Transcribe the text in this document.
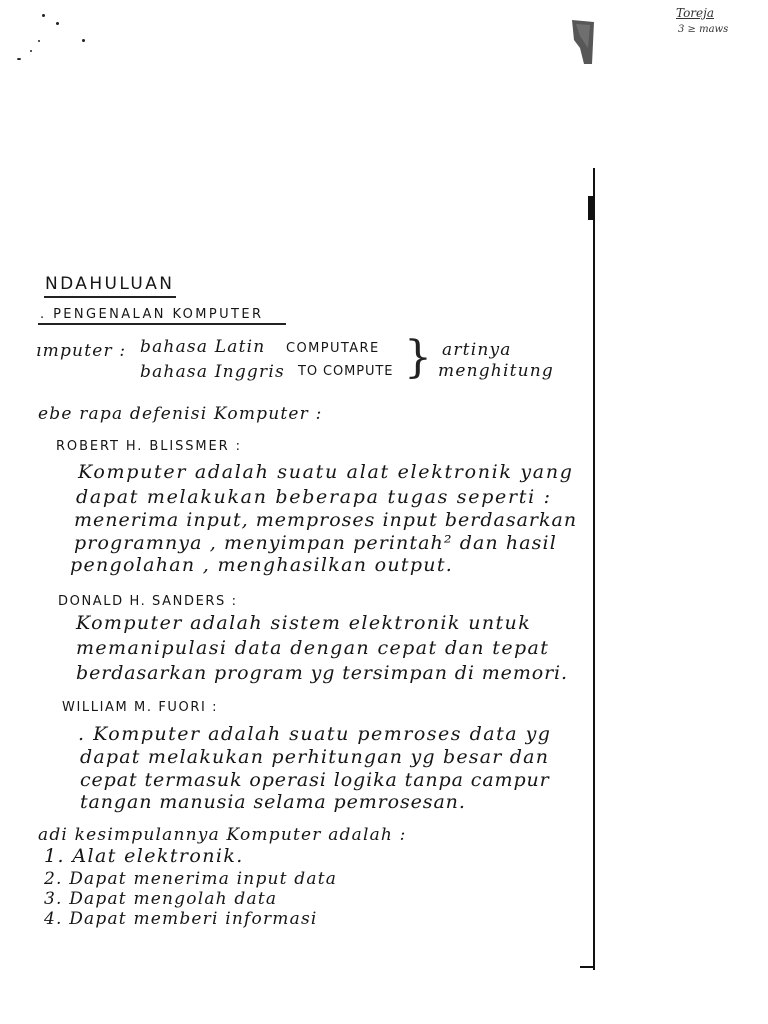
Toreja
3 ≥ maws
NDAHULUAN
. PENGENALAN KOMPUTER
ımputer : bahasa Latin COMPUTARE
bahasa Inggris TO COMPUTE } artinya
menghitung
ebe rapa defenisi Komputer :
ROBERT H. BLISSMER :
Komputer adalah suatu alat elektronik yang
dapat melakukan beberapa tugas seperti :
menerima input, memproses input berdasarkan
programnya , menyimpan perintah² dan hasil
pengolahan , menghasilkan output.
DONALD H. SANDERS :
Komputer adalah sistem elektronik untuk
memanipulasi data dengan cepat dan tepat
berdasarkan program yg tersimpan di memori.
WILLIAM M. FUORI :
. Komputer adalah suatu pemroses data yg
dapat melakukan perhitungan yg besar dan
cepat termasuk operasi logika tanpa campur
tangan manusia selama pemrosesan.
adi kesimpulannya Komputer adalah :
1. Alat elektronik.
2. Dapat menerima input data
3. Dapat mengolah data
4. Dapat memberi informasi
